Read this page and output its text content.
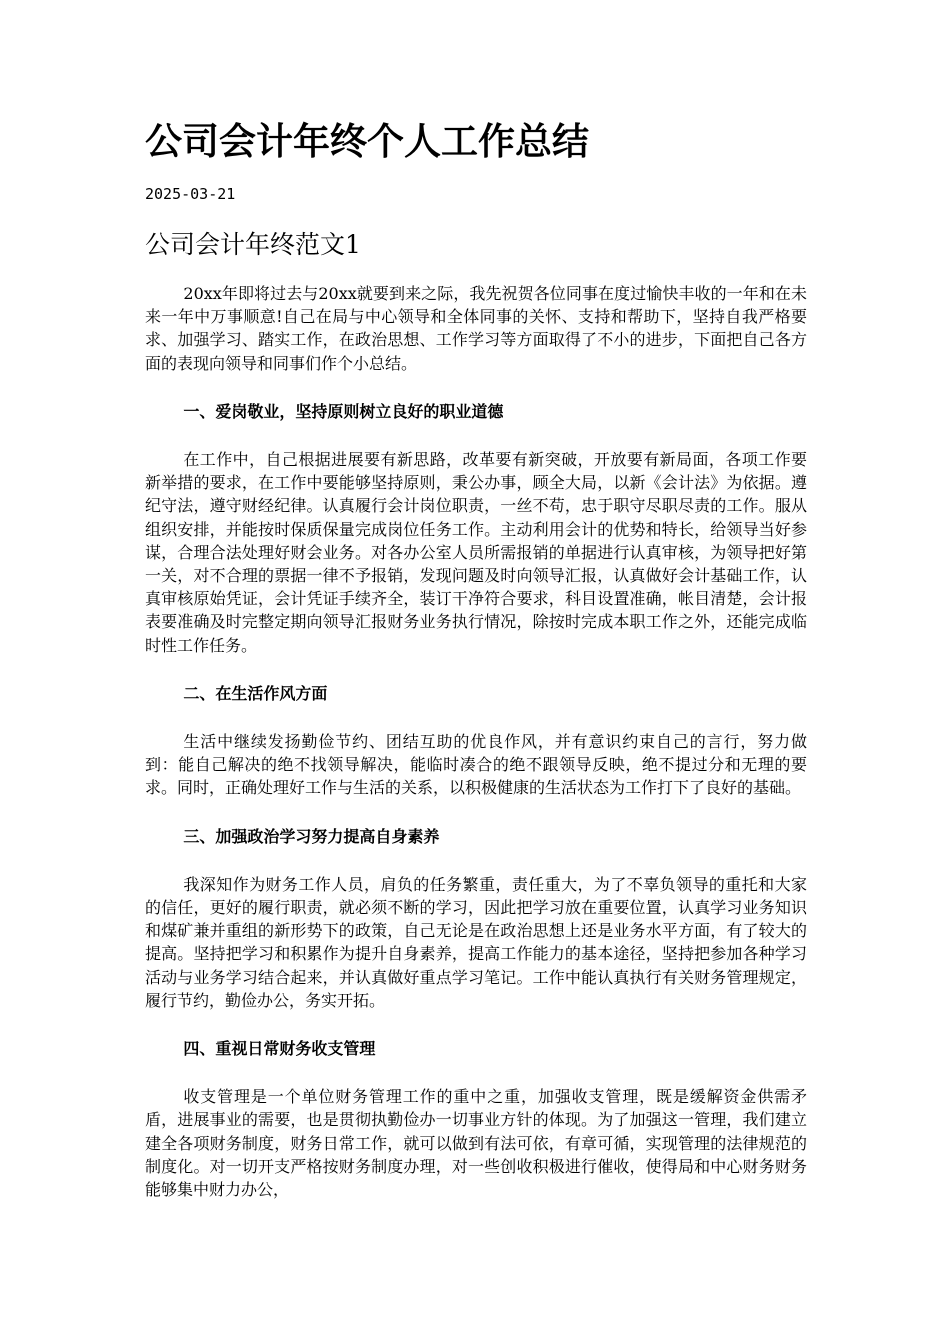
公司会计年终个人工作总结
2025-03-21
公司会计年终范文1

20xx年即将过去与20xx就要到来之际，我先祝贺各位同事在度过愉快丰收的一年和在未来一年中万事顺意!自己在局与中心领导和全体同事的关怀、支持和帮助下，坚持自我严格要求、加强学习、踏实工作，在政治思想、工作学习等方面取得了不小的进步，下面把自己各方面的表现向领导和同事们作个小总结。

一、爱岗敬业，坚持原则树立良好的职业道德

在工作中，自己根据进展要有新思路，改革要有新突破，开放要有新局面，各项工作要新举措的要求，在工作中要能够坚持原则，秉公办事，顾全大局，以新《会计法》为依据。遵纪守法，遵守财经纪律。认真履行会计岗位职责，一丝不苟，忠于职守尽职尽责的工作。服从组织安排，并能按时保质保量完成岗位任务工作。主动利用会计的优势和特长，给领导当好参谋，合理合法处理好财会业务。对各办公室人员所需报销的单据进行认真审核，为领导把好第一关，对不合理的票据一律不予报销，发现问题及时向领导汇报，认真做好会计基础工作，认真审核原始凭证，会计凭证手续齐全，装订干净符合要求，科目设置准确，帐目清楚，会计报表要准确及时完整定期向领导汇报财务业务执行情况，除按时完成本职工作之外，还能完成临时性工作任务。

二、在生活作风方面

生活中继续发扬勤俭节约、团结互助的优良作风，并有意识约束自己的言行，努力做到：能自己解决的绝不找领导解决，能临时凑合的绝不跟领导反映，绝不提过分和无理的要求。同时，正确处理好工作与生活的关系，以积极健康的生活状态为工作打下了良好的基础。

三、加强政治学习努力提高自身素养

我深知作为财务工作人员，肩负的任务繁重，责任重大，为了不辜负领导的重托和大家的信任，更好的履行职责，就必须不断的学习，因此把学习放在重要位置，认真学习业务知识和煤矿兼并重组的新形势下的政策，自己无论是在政治思想上还是业务水平方面，有了较大的提高。坚持把学习和积累作为提升自身素养，提高工作能力的基本途径，坚持把参加各种学习活动与业务学习结合起来，并认真做好重点学习笔记。工作中能认真执行有关财务管理规定，履行节约，勤俭办公，务实开拓。

四、重视日常财务收支管理

收支管理是一个单位财务管理工作的重中之重，加强收支管理，既是缓解资金供需矛盾，进展事业的需要，也是贯彻执勤俭办一切事业方针的体现。为了加强这一管理，我们建立建全各项财务制度，财务日常工作，就可以做到有法可依，有章可循，实现管理的法律规范的制度化。对一切开支严格按财务制度办理，对一些创收积极进行催收，使得局和中心财务财务能够集中财力办公，
